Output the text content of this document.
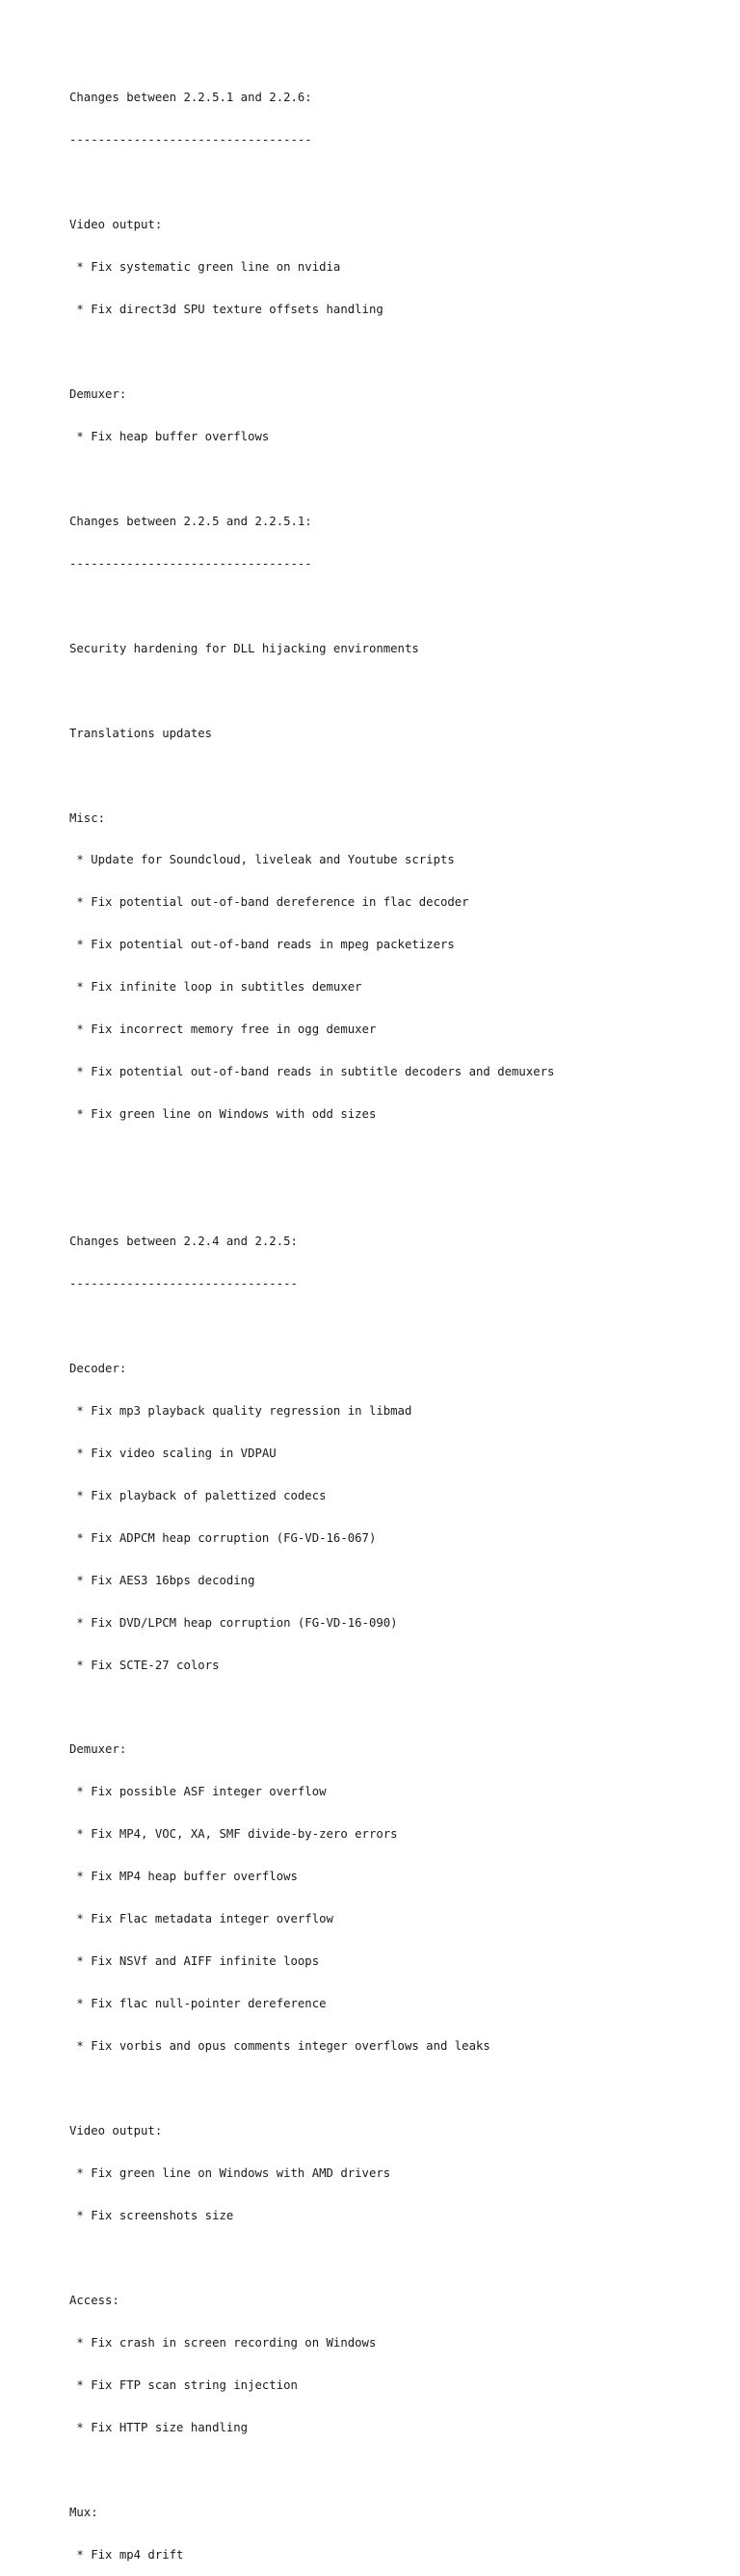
Changes between 2.2.5.1 and 2.2.6:

----------------------------------

Video output:

* Fix systematic green line on nvidia

* Fix direct3d SPU texture offsets handling

Demuxer:

* Fix heap buffer overflows

Changes between 2.2.5 and 2.2.5.1:

----------------------------------

Security hardening for DLL hijacking environments

Translations updates

Misc:

* Update for Soundcloud, liveleak and Youtube scripts

* Fix potential out-of-band dereference in flac decoder

* Fix potential out-of-band reads in mpeg packetizers

* Fix infinite loop in subtitles demuxer

* Fix incorrect memory free in ogg demuxer

* Fix potential out-of-band reads in subtitle decoders and demuxers

* Fix green line on Windows with odd sizes

Changes between 2.2.4 and 2.2.5:

--------------------------------

Decoder:

* Fix mp3 playback quality regression in libmad

* Fix video scaling in VDPAU

* Fix playback of palettized codecs

* Fix ADPCM heap corruption (FG-VD-16-067)

* Fix AES3 16bps decoding

* Fix DVD/LPCM heap corruption (FG-VD-16-090)

* Fix SCTE-27 colors

Demuxer:

* Fix possible ASF integer overflow

* Fix MP4, VOC, XA, SMF divide-by-zero errors

* Fix MP4 heap buffer overflows

* Fix Flac metadata integer overflow

* Fix NSVf and AIFF infinite loops

* Fix flac null-pointer dereference

* Fix vorbis and opus comments integer overflows and leaks

Video output:

* Fix green line on Windows with AMD drivers

* Fix screenshots size

Access:

* Fix crash in screen recording on Windows

* Fix FTP scan string injection

* Fix HTTP size handling

Mux:

* Fix mp4 drift
